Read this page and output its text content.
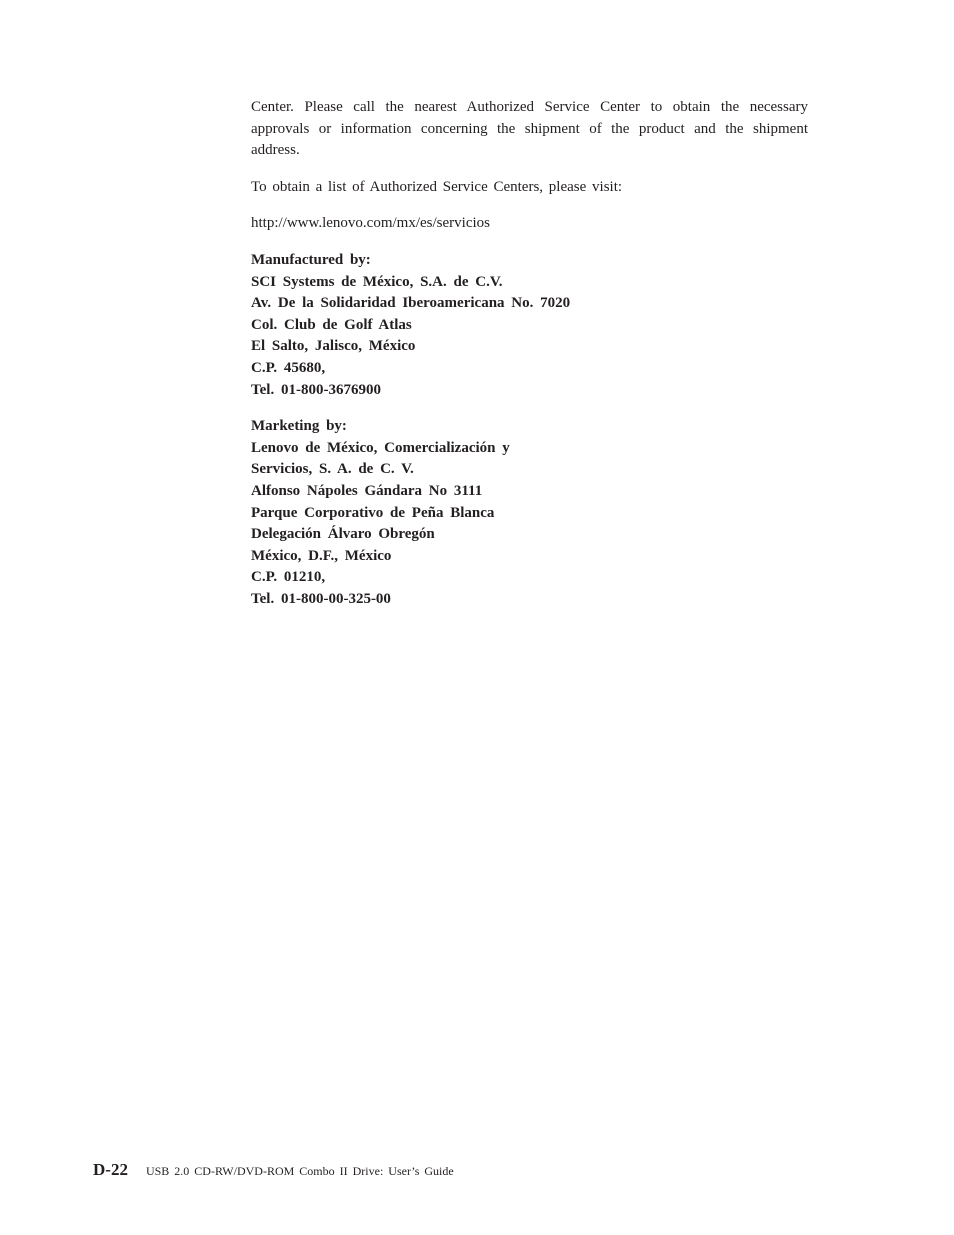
Center. Please call the nearest Authorized Service Center to obtain the necessary approvals or information concerning the shipment of the product and the shipment address.

To obtain a list of Authorized Service Centers, please visit:

http://www.lenovo.com/mx/es/servicios

Manufactured by:
SCI Systems de México, S.A. de C.V.
Av. De la Solidaridad Iberoamericana No. 7020
Col. Club de Golf Atlas
El Salto, Jalisco, México
C.P. 45680,
Tel. 01-800-3676900
Marketing by:
Lenovo de México, Comercialización y
Servicios, S. A. de C. V.
Alfonso Nápoles Gándara No 3111
Parque Corporativo de Peña Blanca
Delegación Álvaro Obregón
México, D.F., México
C.P. 01210,
Tel. 01-800-00-325-00
D-22 USB 2.0 CD-RW/DVD-ROM Combo II Drive: User’s Guide
